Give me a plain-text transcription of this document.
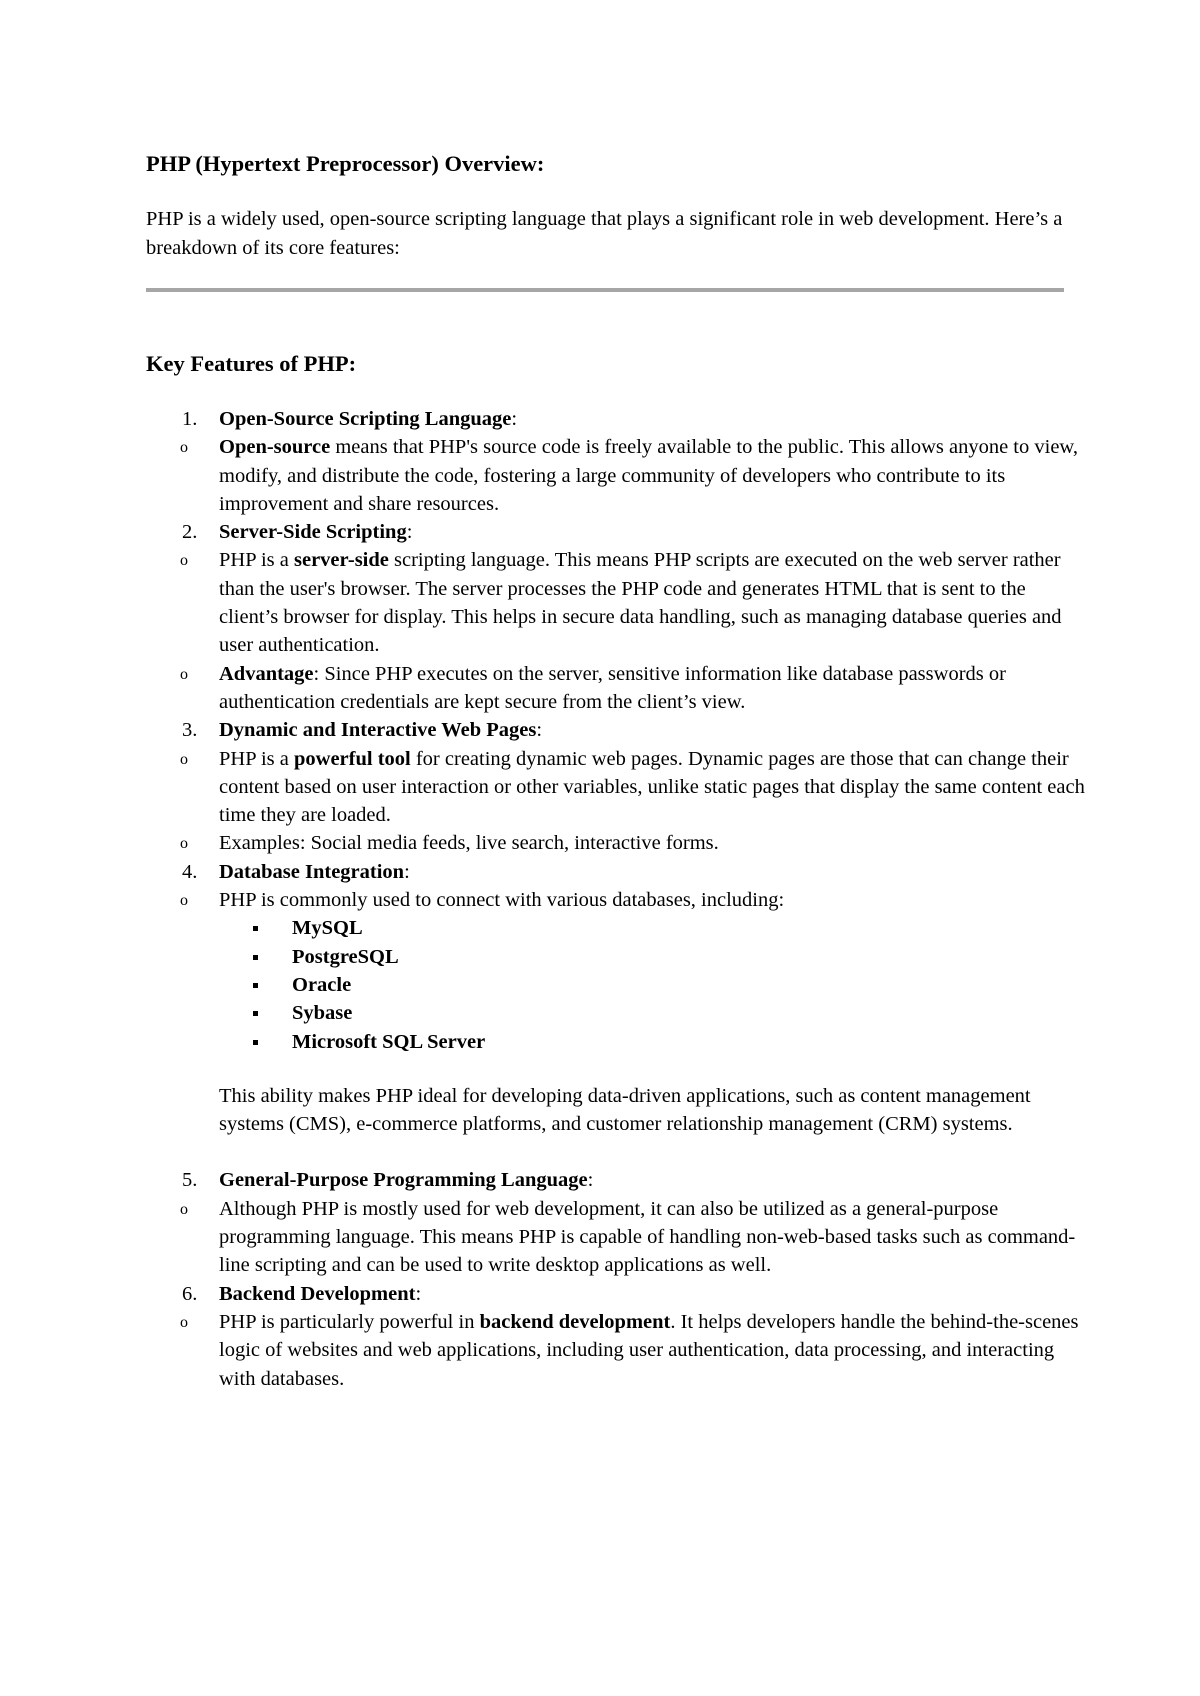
PHP (Hypertext Preprocessor) Overview:

PHP is a widely used, open-source scripting language that plays a significant role in web development. Here’s a breakdown of its core features:

Key Features of PHP:
1. Open-Source Scripting Language:
o Open-source means that PHP's source code is freely available to the public. This allows anyone to view, modify, and distribute the code, fostering a large community of developers who contribute to its improvement and share resources.
2. Server-Side Scripting:
o PHP is a server-side scripting language. This means PHP scripts are executed on the web server rather than the user's browser. The server processes the PHP code and generates HTML that is sent to the client’s browser for display. This helps in secure data handling, such as managing database queries and user authentication.
o Advantage: Since PHP executes on the server, sensitive information like database passwords or authentication credentials are kept secure from the client’s view.
3. Dynamic and Interactive Web Pages:
o PHP is a powerful tool for creating dynamic web pages. Dynamic pages are those that can change their content based on user interaction or other variables, unlike static pages that display the same content each time they are loaded.
o Examples: Social media feeds, live search, interactive forms.
4. Database Integration:
o PHP is commonly used to connect with various databases, including:
MySQL
PostgreSQL
Oracle
Sybase
Microsoft SQL Server
This ability makes PHP ideal for developing data-driven applications, such as content management systems (CMS), e-commerce platforms, and customer relationship management (CRM) systems.
5. General-Purpose Programming Language:
o Although PHP is mostly used for web development, it can also be utilized as a general-purpose programming language. This means PHP is capable of handling non-web-based tasks such as command-line scripting and can be used to write desktop applications as well.
6. Backend Development:
o PHP is particularly powerful in backend development. It helps developers handle the behind-the-scenes logic of websites and web applications, including user authentication, data processing, and interacting with databases.
